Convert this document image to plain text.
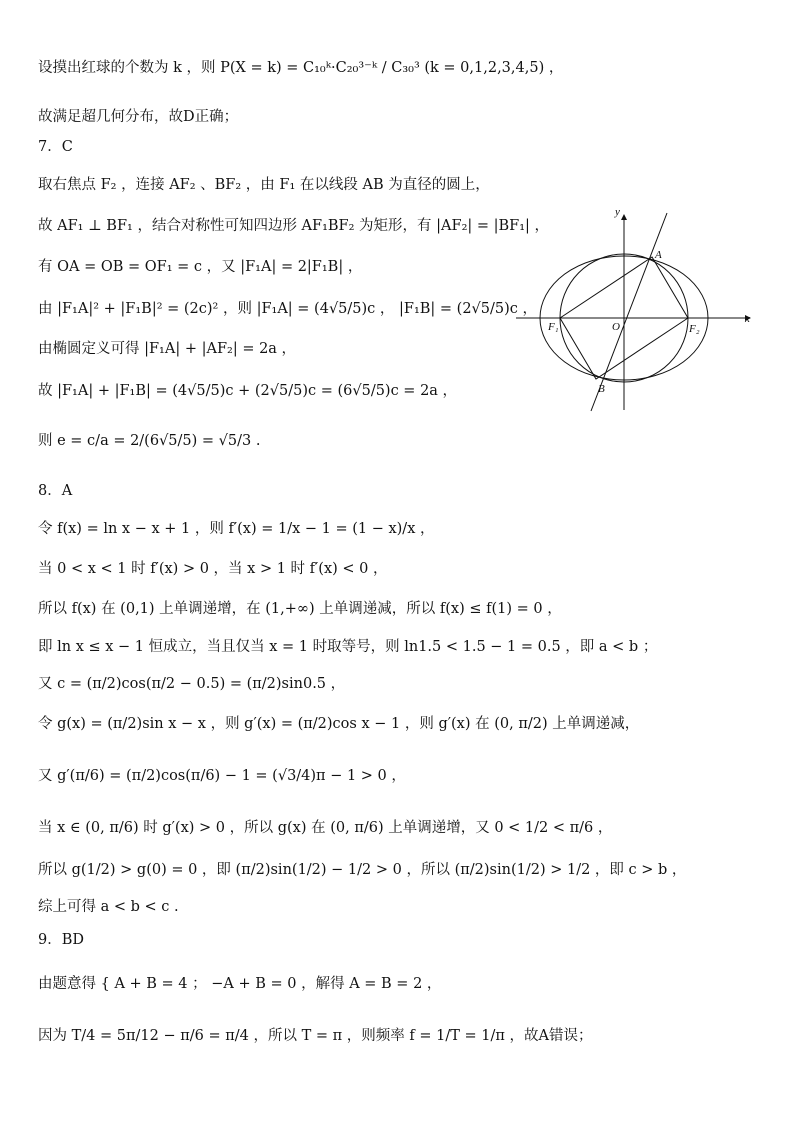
设摸出红球的个数为 k ，则 P(X = k) = C₁₀ᵏ·C₂₀³⁻ᵏ / C₃₀³ (k = 0,1,2,3,4,5) ，
故满足超几何分布，故D正确；
7．C
取右焦点 F₂ ，连接 AF₂ 、BF₂ ，由 F₁ 在以线段 AB 为直径的圆上，
故 AF₁ ⊥ BF₁ ，结合对称性可知四边形 AF₁BF₂ 为矩形，有 |AF₂| = |BF₁| ，
有 OA = OB = OF₁ = c ，又 |F₁A| = 2|F₁B| ，
由 |F₁A|² + |F₁B|² = (2c)² ，则 |F₁A| = (4√5/5)c ， |F₁B| = (2√5/5)c ，
由椭圆定义可得 |F₁A| + |AF₂| = 2a ，
故 |F₁A| + |F₁B| = (4√5/5)c + (2√5/5)c = (6√5/5)c = 2a ，
则 e = c/a = 2/(6√5/5) = √5/3 .
8．A
令 f(x) = ln x − x + 1 ，则 f′(x) = 1/x − 1 = (1 − x)/x ，
当 0 < x < 1 时 f′(x) > 0 ，当 x > 1 时 f′(x) < 0 ，
所以 f(x) 在 (0,1) 上单调递增，在 (1,+∞) 上单调递减，所以 f(x) ≤ f(1) = 0 ，
即 ln x ≤ x − 1 恒成立，当且仅当 x = 1 时取等号，则 ln1.5 < 1.5 − 1 = 0.5 ，即 a < b ；
又 c = (π/2)cos(π/2 − 0.5) = (π/2)sin0.5 ，
令 g(x) = (π/2)sin x − x ，则 g′(x) = (π/2)cos x − 1 ，则 g′(x) 在 (0, π/2) 上单调递减，
又 g′(π/6) = (π/2)cos(π/6) − 1 = (√3/4)π − 1 > 0 ，
当 x ∈ (0, π/6) 时 g′(x) > 0 ，所以 g(x) 在 (0, π/6) 上单调递增，又 0 < 1/2 < π/6 ，
所以 g(1/2) > g(0) = 0 ，即 (π/2)sin(1/2) − 1/2 > 0 ，所以 (π/2)sin(1/2) > 1/2 ，即 c > b ，
综上可得 a < b < c .
9．BD
由题意得 { A + B = 4 ； −A + B = 0 ，解得 A = B = 2 ，
因为 T/4 = 5π/12 − π/6 = π/4 ，所以 T = π ，则频率 f = 1/T = 1/π ，故A错误；
y
x
A
B
O
F₁	F₂
